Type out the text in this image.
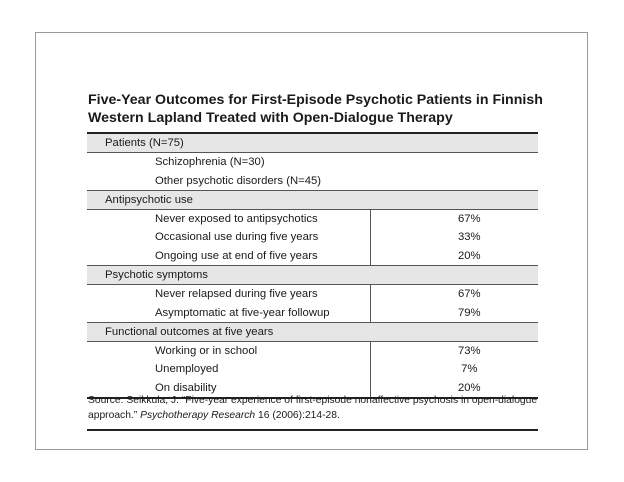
Five-Year Outcomes for First-Episode Psychotic Patients in Finnish
Western Lapland Treated with Open-Dialogue Therapy
Patients (N=75)	
Schizophrenia (N=30)	
Other psychotic disorders (N=45)	
Antipsychotic use	
Never exposed to antipsychotics	67%
Occasional use during five years	33%
Ongoing use at end of five years	20%
Psychotic symptoms	
Never relapsed during five years	67%
Asymptomatic at five-year followup	79%
Functional outcomes at five years	
Working or in school	73%
Unemployed	7%
On disability	20%

Source: Seikkula, J. “Five-year experience of first-episode nonaffective psychosis in open-dialogue approach.” Psychotherapy Research 16 (2006):214-28.
